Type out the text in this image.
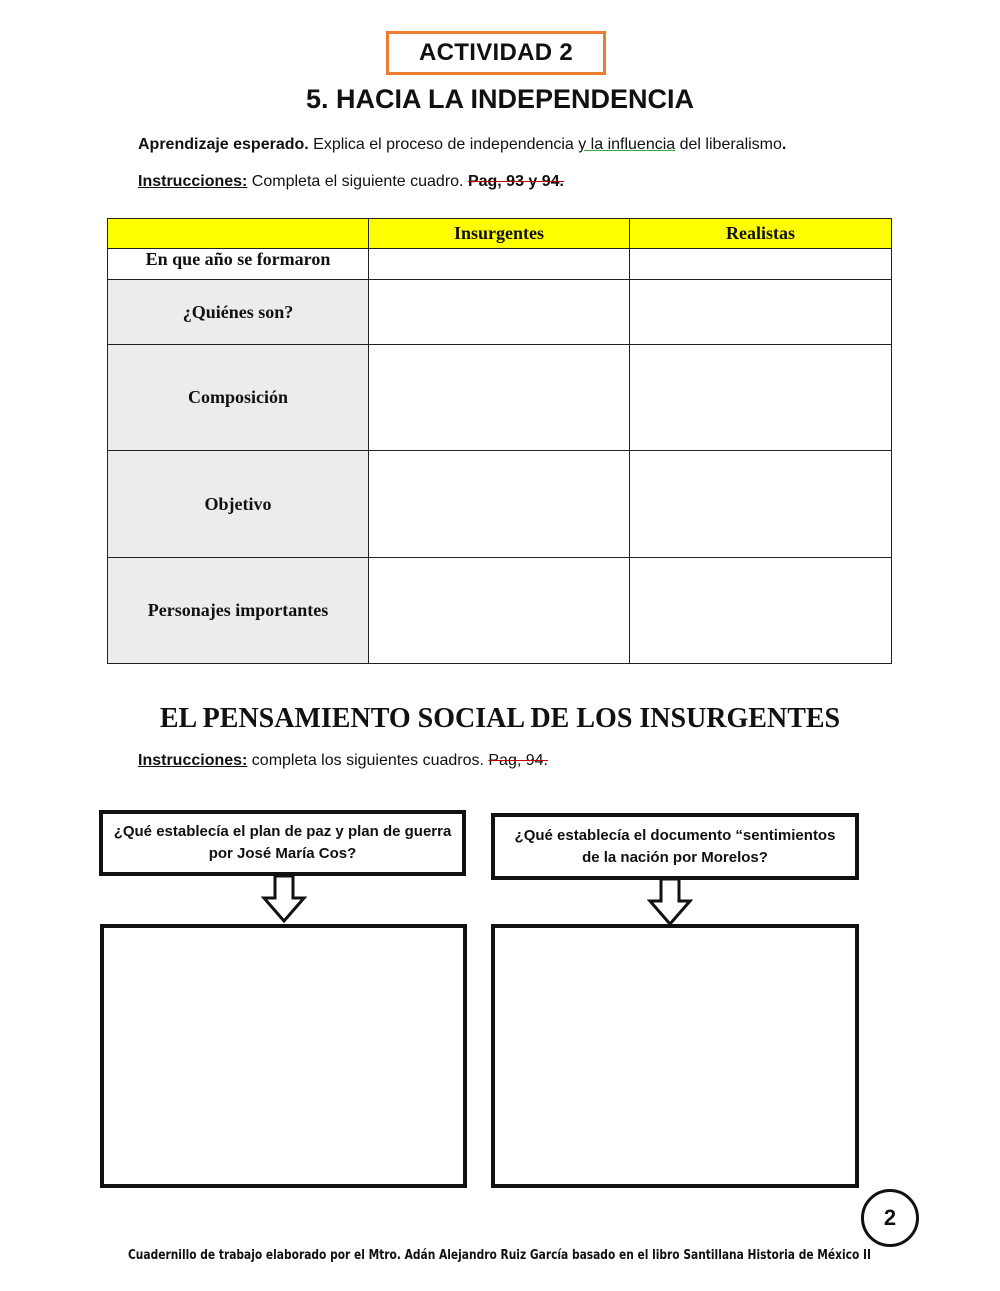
ACTIVIDAD 2
5. HACIA LA INDEPENDENCIA
Aprendizaje esperado. Explica el proceso de independencia y la influencia del liberalismo.
Instrucciones: Completa el siguiente cuadro. Pag, 93 y 94.
	Insurgentes	Realistas
En que año se formaron		
¿Quiénes son?		
Composición		
Objetivo		
Personajes importantes		
EL PENSAMIENTO SOCIAL DE LOS INSURGENTES
Instrucciones: completa los siguientes cuadros. Pag, 94.
¿Qué establecía el plan de paz y plan de guerra por José María Cos?
¿Qué establecía el documento “sentimientos de la nación por Morelos?
2
Cuadernillo de trabajo elaborado por el Mtro. Adán Alejandro Ruiz García basado en el libro Santillana Historia de México II
